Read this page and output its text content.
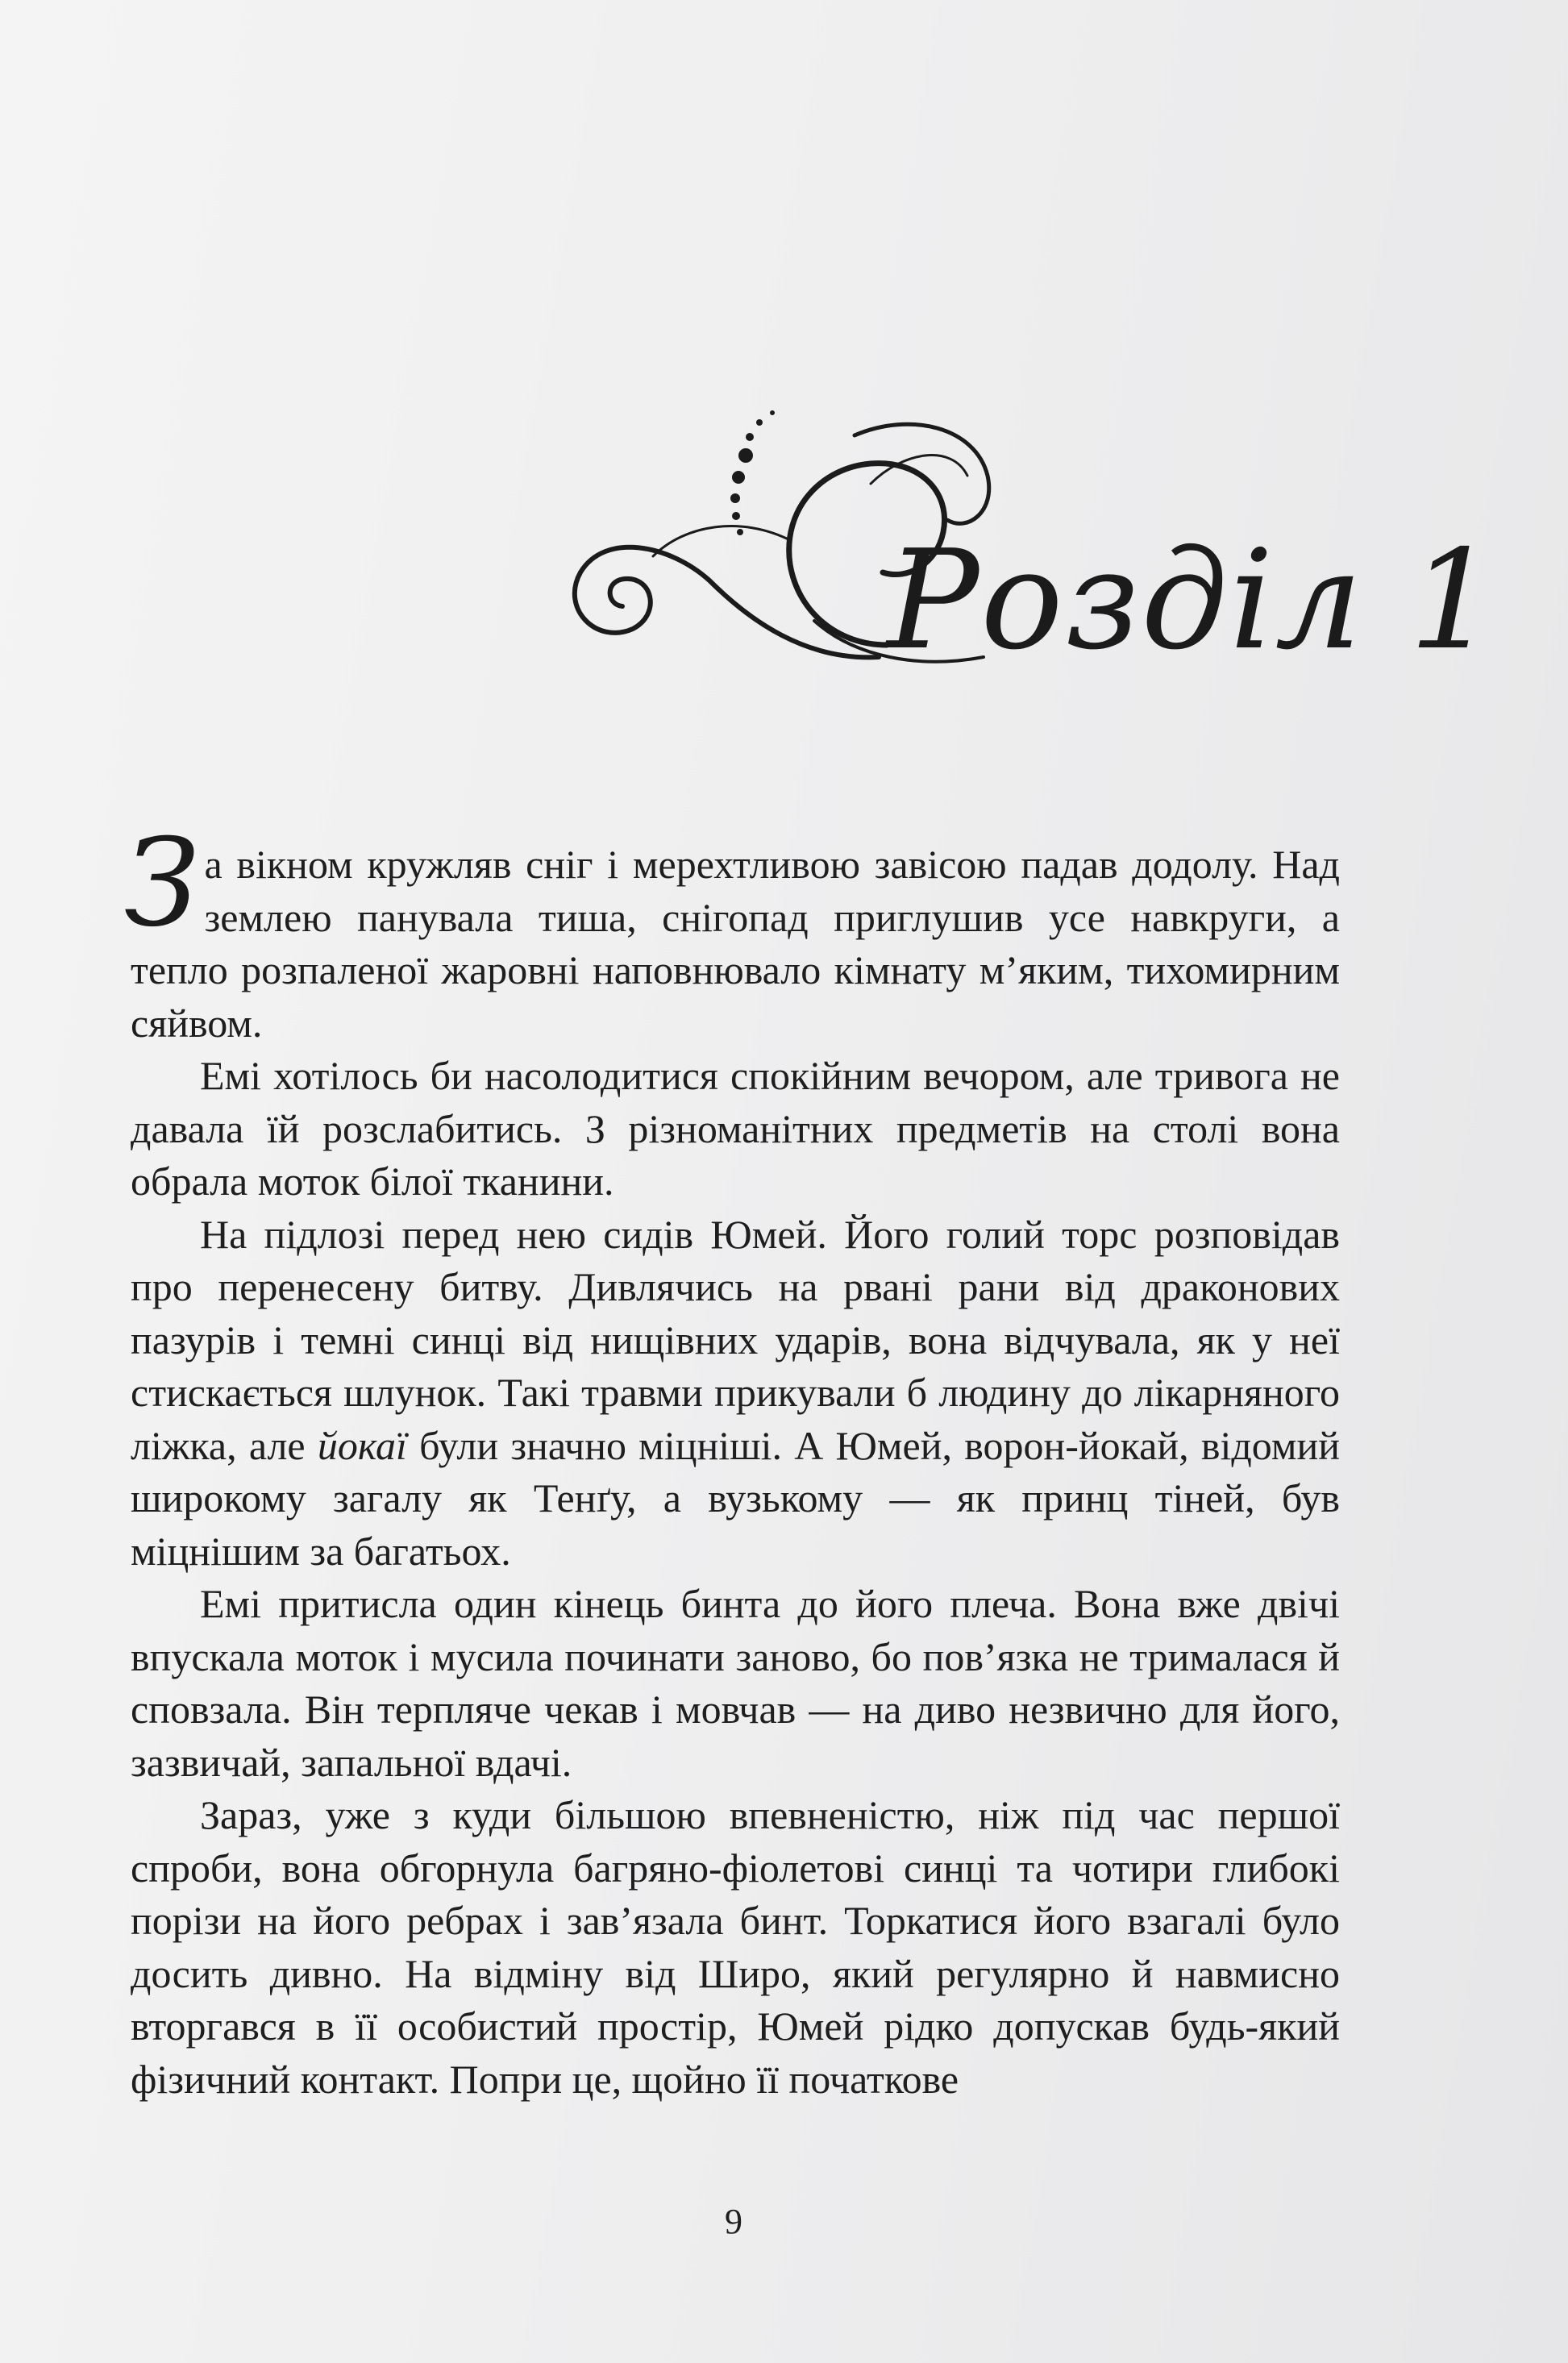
Розділ 1

За вікном кружляв сніг і мерехтливою завісою падав додолу. Над землею панувала тиша, снігопад приглушив усе навкруги, а тепло розпаленої жаровні наповнювало кімнату м’яким, тихомирним сяйвом.

Емі хотілось би насолодитися спокійним вечором, але тривога не давала їй розслабитись. З різноманітних предметів на столі вона обрала моток білої тканини.

На підлозі перед нею сидів Юмей. Його голий торс розповідав про перенесену битву. Дивлячись на рвані рани від драконових пазурів і темні синці від нищівних ударів, вона відчувала, як у неї стискається шлунок. Такі травми прикували б людину до лікарняного ліжка, але йокаї були значно міцніші. А Юмей, ворон-йокай, відомий широкому загалу як Тенґу, а вузькому — як принц тіней, був міцнішим за багатьох.

Емі притисла один кінець бинта до його плеча. Вона вже двічі впускала моток і мусила починати заново, бо пов’язка не трималася й сповзала. Він терпляче чекав і мовчав — на диво незвично для його, зазвичай, запальної вдачі.

Зараз, уже з куди більшою впевненістю, ніж під час першої спроби, вона обгорнула багряно-фіолетові синці та чотири глибокі порізи на його ребрах і зав’язала бинт. Торкатися його взагалі було досить дивно. На відміну від Широ, який регулярно й навмисно вторгався в її особистий простір, Юмей рідко допускав будь-який фізичний контакт. Попри це, щойно її початкове

9
